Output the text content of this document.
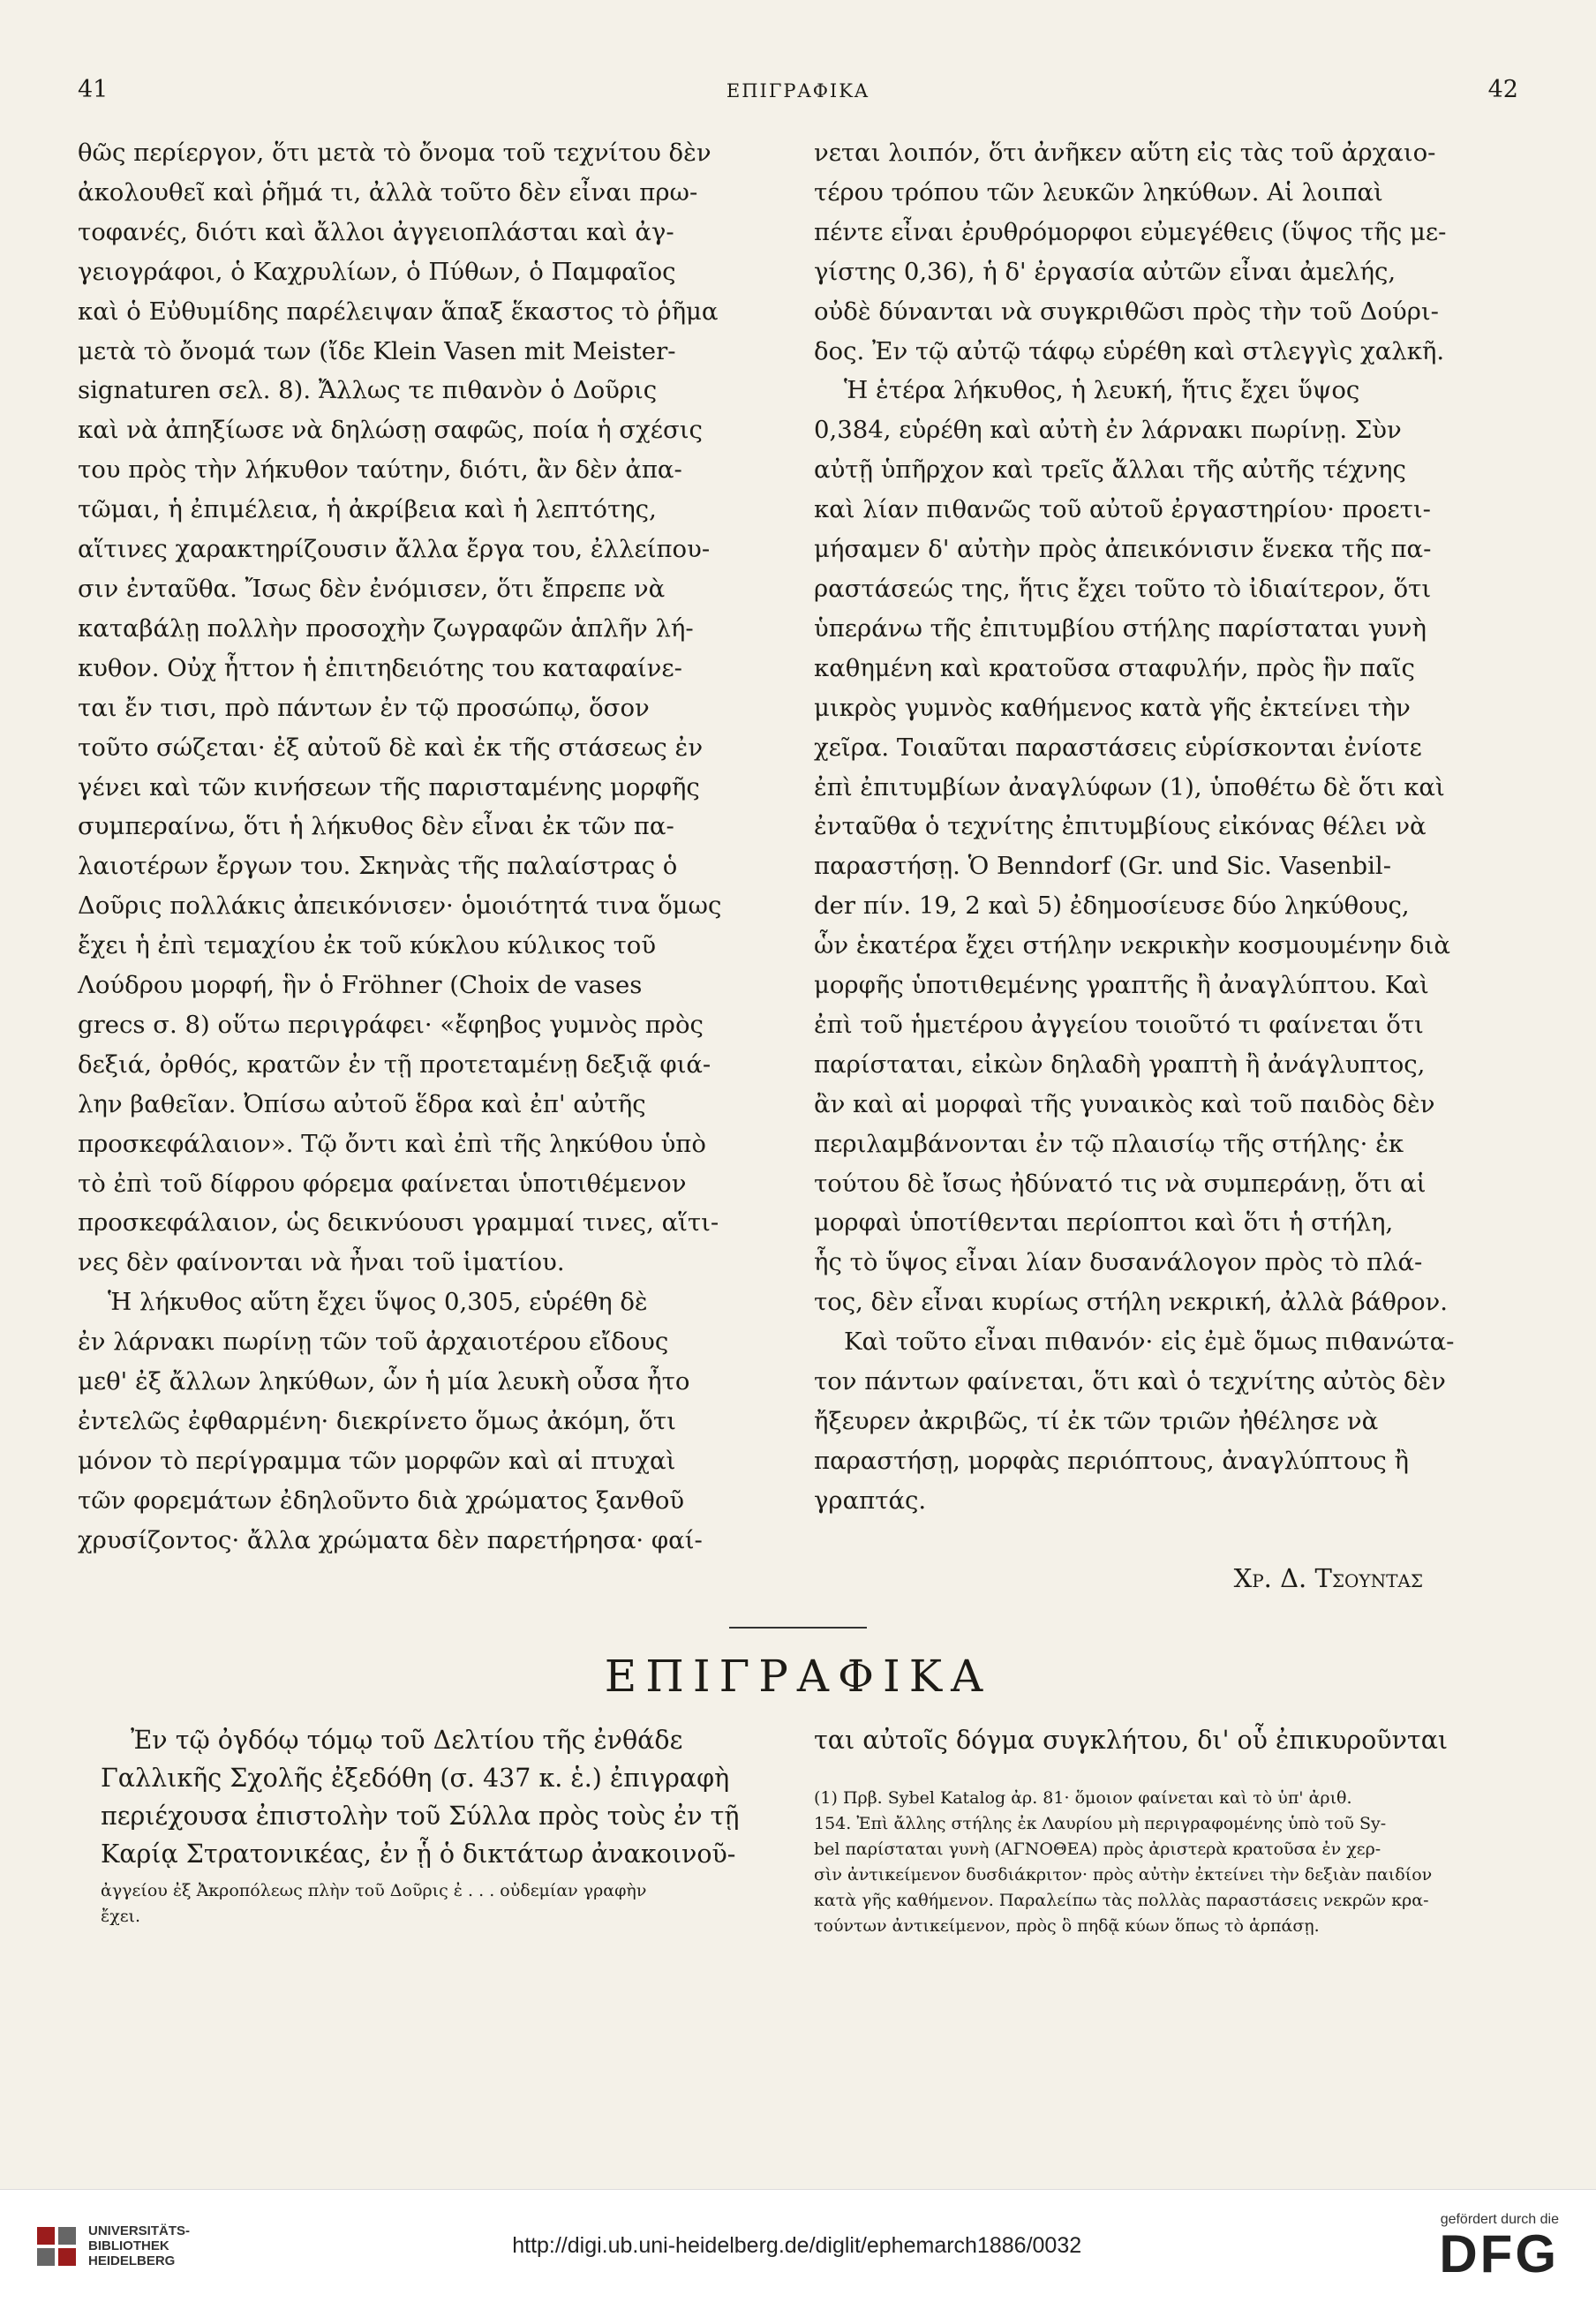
41	ΕΠΙΓΡΑΦΙΚΑ	42

θῶς περίεργον, ὅτι μετὰ τὸ ὄνομα τοῦ τεχνίτου δὲν

ἀκολουθεῖ καὶ ῥῆμά τι, ἀλλὰ τοῦτο δὲν εἶναι πρω-

τοφανές, διότι καὶ ἄλλοι ἀγγειοπλάσται καὶ ἀγ-

γειογράφοι, ὁ Καχρυλίων, ὁ Πύθων, ὁ Παμφαῖος

καὶ ὁ Εὐθυμίδης παρέλειψαν ἅπαξ ἕκαστος τὸ ῥῆμα

μετὰ τὸ ὄνομά των (ἴδε Klein Vasen mit Meister-

signaturen σελ. 8). Ἄλλως τε πιθανὸν ὁ Δοῦρις

καὶ νὰ ἀπηξίωσε νὰ δηλώσῃ σαφῶς, ποία ἡ σχέσις

του πρὸς τὴν λήκυθον ταύτην, διότι, ἂν δὲν ἀπα-

τῶμαι, ἡ ἐπιμέλεια, ἡ ἀκρίβεια καὶ ἡ λεπτότης,

αἵτινες χαρακτηρίζουσιν ἄλλα ἔργα του, ἐλλείπου-

σιν ἐνταῦθα. Ἴσως δὲν ἐνόμισεν, ὅτι ἔπρεπε νὰ

καταβάλῃ πολλὴν προσοχὴν ζωγραφῶν ἁπλῆν λή-

κυθον. Οὐχ ἧττον ἡ ἐπιτηδειότης του καταφαίνε-

ται ἔν τισι, πρὸ πάντων ἐν τῷ προσώπῳ, ὅσον

τοῦτο σώζεται· ἐξ αὐτοῦ δὲ καὶ ἐκ τῆς στάσεως ἐν

γένει καὶ τῶν κινήσεων τῆς παρισταμένης μορφῆς

συμπεραίνω, ὅτι ἡ λήκυθος δὲν εἶναι ἐκ τῶν πα-

λαιοτέρων ἔργων του. Σκηνὰς τῆς παλαίστρας ὁ

Δοῦρις πολλάκις ἀπεικόνισεν· ὁμοιότητά τινα ὅμως

ἔχει ἡ ἐπὶ τεμαχίου ἐκ τοῦ κύκλου κύλικος τοῦ

Λούδρου μορφή, ἣν ὁ Fröhner (Choix de vases

grecs σ. 8) οὕτω περιγράφει· «ἔφηβος γυμνὸς πρὸς

δεξιά, ὀρθός, κρατῶν ἐν τῇ προτεταμένῃ δεξιᾷ φιά-

λην βαθεῖαν. Ὀπίσω αὐτοῦ ἕδρα καὶ ἐπ' αὐτῆς

προσκεφάλαιον». Τῷ ὄντι καὶ ἐπὶ τῆς ληκύθου ὑπὸ

τὸ ἐπὶ τοῦ δίφρου φόρεμα φαίνεται ὑποτιθέμενον

προσκεφάλαιον, ὡς δεικνύουσι γραμμαί τινες, αἵτι-

νες δὲν φαίνονται νὰ ἦναι τοῦ ἱματίου.

Ἡ λήκυθος αὕτη ἔχει ὕψος 0,305, εὑρέθη δὲ

ἐν λάρνακι πωρίνῃ τῶν τοῦ ἀρχαιοτέρου εἴδους

μεθ' ἐξ ἄλλων ληκύθων, ὧν ἡ μία λευκὴ οὖσα ἦτο

ἐντελῶς ἐφθαρμένη· διεκρίνετο ὅμως ἀκόμη, ὅτι

μόνον τὸ περίγραμμα τῶν μορφῶν καὶ αἱ πτυχαὶ

τῶν φορεμάτων ἐδηλοῦντο διὰ χρώματος ξανθοῦ

χρυσίζοντος· ἄλλα χρώματα δὲν παρετήρησα· φαί-

νεται λοιπόν, ὅτι ἀνῆκεν αὕτη εἰς τὰς τοῦ ἀρχαιο-

τέρου τρόπου τῶν λευκῶν ληκύθων. Αἱ λοιπαὶ

πέντε εἶναι ἐρυθρόμορφοι εὐμεγέθεις (ὕψος τῆς με-

γίστης 0,36), ἡ δ' ἐργασία αὐτῶν εἶναι ἀμελής,

οὐδὲ δύνανται νὰ συγκριθῶσι πρὸς τὴν τοῦ Δούρι-

δος. Ἐν τῷ αὐτῷ τάφῳ εὑρέθη καὶ στλεγγὶς χαλκῆ.

Ἡ ἑτέρα λήκυθος, ἡ λευκή, ἥτις ἔχει ὕψος

0,384, εὑρέθη καὶ αὐτὴ ἐν λάρνακι πωρίνῃ. Σὺν

αὐτῇ ὑπῆρχον καὶ τρεῖς ἄλλαι τῆς αὐτῆς τέχνης

καὶ λίαν πιθανῶς τοῦ αὐτοῦ ἐργαστηρίου· προετι-

μήσαμεν δ' αὐτὴν πρὸς ἀπεικόνισιν ἕνεκα τῆς πα-

ραστάσεώς της, ἥτις ἔχει τοῦτο τὸ ἰδιαίτερον, ὅτι

ὑπεράνω τῆς ἐπιτυμβίου στήλης παρίσταται γυνὴ

καθημένη καὶ κρατοῦσα σταφυλήν, πρὸς ἣν παῖς

μικρὸς γυμνὸς καθήμενος κατὰ γῆς ἐκτείνει τὴν

χεῖρα. Τοιαῦται παραστάσεις εὑρίσκονται ἐνίοτε

ἐπὶ ἐπιτυμβίων ἀναγλύφων (1), ὑποθέτω δὲ ὅτι καὶ

ἐνταῦθα ὁ τεχνίτης ἐπιτυμβίους εἰκόνας θέλει νὰ

παραστήσῃ. Ὁ Benndorf (Gr. und Sic. Vasenbil-

der πίν. 19, 2 καὶ 5) ἐδημοσίευσε δύο ληκύθους,

ὧν ἑκατέρα ἔχει στήλην νεκρικὴν κοσμουμένην διὰ

μορφῆς ὑποτιθεμένης γραπτῆς ἢ ἀναγλύπτου. Καὶ

ἐπὶ τοῦ ἡμετέρου ἀγγείου τοιοῦτό τι φαίνεται ὅτι

παρίσταται, εἰκὼν δηλαδὴ γραπτὴ ἢ ἀνάγλυπτος,

ἂν καὶ αἱ μορφαὶ τῆς γυναικὸς καὶ τοῦ παιδὸς δὲν

περιλαμβάνονται ἐν τῷ πλαισίῳ τῆς στήλης· ἐκ

τούτου δὲ ἴσως ἠδύνατό τις νὰ συμπεράνῃ, ὅτι αἱ

μορφαὶ ὑποτίθενται περίοπτοι καὶ ὅτι ἡ στήλη,

ἧς τὸ ὕψος εἶναι λίαν δυσανάλογον πρὸς τὸ πλά-

τος, δὲν εἶναι κυρίως στήλη νεκρική, ἀλλὰ βάθρον.

Καὶ τοῦτο εἶναι πιθανόν· εἰς ἐμὲ ὅμως πιθανώτα-

τον πάντων φαίνεται, ὅτι καὶ ὁ τεχνίτης αὐτὸς δὲν

ἤξευρεν ἀκριβῶς, τί ἐκ τῶν τριῶν ἠθέλησε νὰ

παραστήσῃ, μορφὰς περιόπτους, ἀναγλύπτους ἢ

γραπτάς.

Χρ. Δ. Τσουντας
ΕΠΙΓΡΑΦΙΚΑ

Ἐν τῷ ὀγδόῳ τόμῳ τοῦ Δελτίου τῆς ἐνθάδε

Γαλλικῆς Σχολῆς ἐξεδόθη (σ. 437 κ. ἑ.) ἐπιγραφὴ

περιέχουσα ἐπιστολὴν τοῦ Σύλλα πρὸς τοὺς ἐν τῇ

Καρίᾳ Στρατονικέας, ἐν ᾗ ὁ δικτάτωρ ἀνακοινοῦ-

ται αὐτοῖς δόγμα συγκλήτου, δι' οὗ ἐπικυροῦνται

ἀγγείου ἐξ Ἀκροπόλεως πλὴν τοῦ Δοῦρις ἐ . . . οὐδεμίαν γραφὴν

ἔχει.

(1) Πρβ. Sybel Katalog ἀρ. 81· ὅμοιον φαίνεται καὶ τὸ ὑπ' ἀριθ.

154. Ἐπὶ ἄλλης στήλης ἐκ Λαυρίου μὴ περιγραφομένης ὑπὸ τοῦ Sy-

bel παρίσταται γυνὴ (ΑΓΝΟΘΕΑ) πρὸς ἀριστερὰ κρατοῦσα ἐν χερ-

σὶν ἀντικείμενον δυσδιάκριτον· πρὸς αὐτὴν ἐκτείνει τὴν δεξιὰν παιδίον

κατὰ γῆς καθήμενον. Παραλείπω τὰς πολλὰς παραστάσεις νεκρῶν κρα-

τούντων ἀντικείμενον, πρὸς ὃ πηδᾷ κύων ὅπως τὸ ἁρπάσῃ.

UNIVERSITÄTS-
BIBLIOTHEK
HEIDELBERG
http://digi.ub.uni-heidelberg.de/diglit/ephemarch1886/0032
gefördert durch die
DFG
